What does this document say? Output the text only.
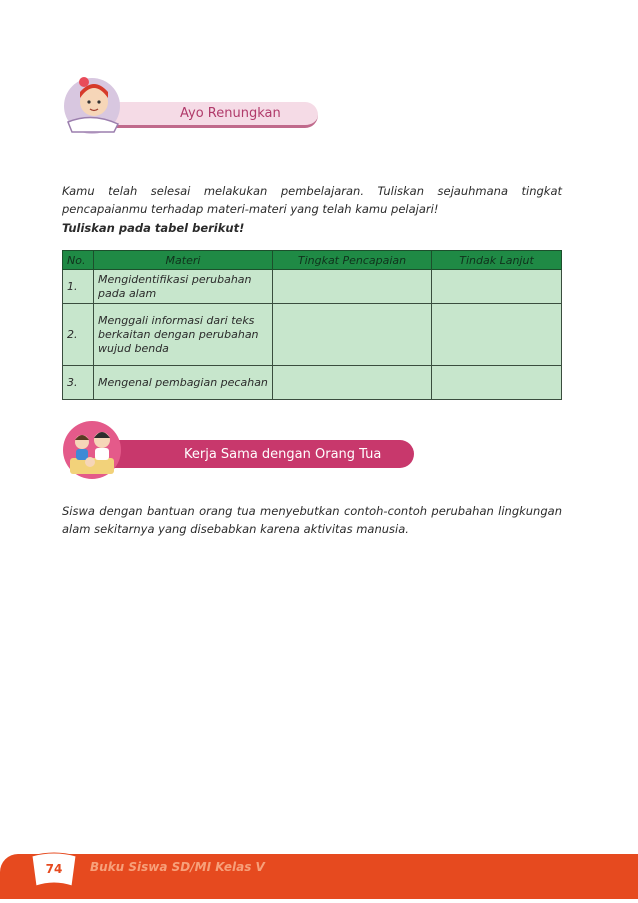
Ayo Renungkan

Kamu telah selesai melakukan pembelajaran. Tuliskan sejauhmana tingkat pencapaianmu terhadap materi-materi yang telah kamu pelajari!

Tuliskan pada tabel berikut!

No.	Materi	Tingkat Pencapaian	Tindak Lanjut
1.	Mengidentifikasi perubahan pada alam		
2.	Menggali informasi dari teks berkaitan dengan perubahan wujud benda		
3.	Mengenal pembagian pecahan		
Kerja Sama dengan Orang Tua

Siswa dengan bantuan orang tua menyebutkan contoh-contoh perubahan lingkungan alam sekitarnya yang disebabkan karena aktivitas manusia.

74	Buku Siswa SD/MI Kelas V
